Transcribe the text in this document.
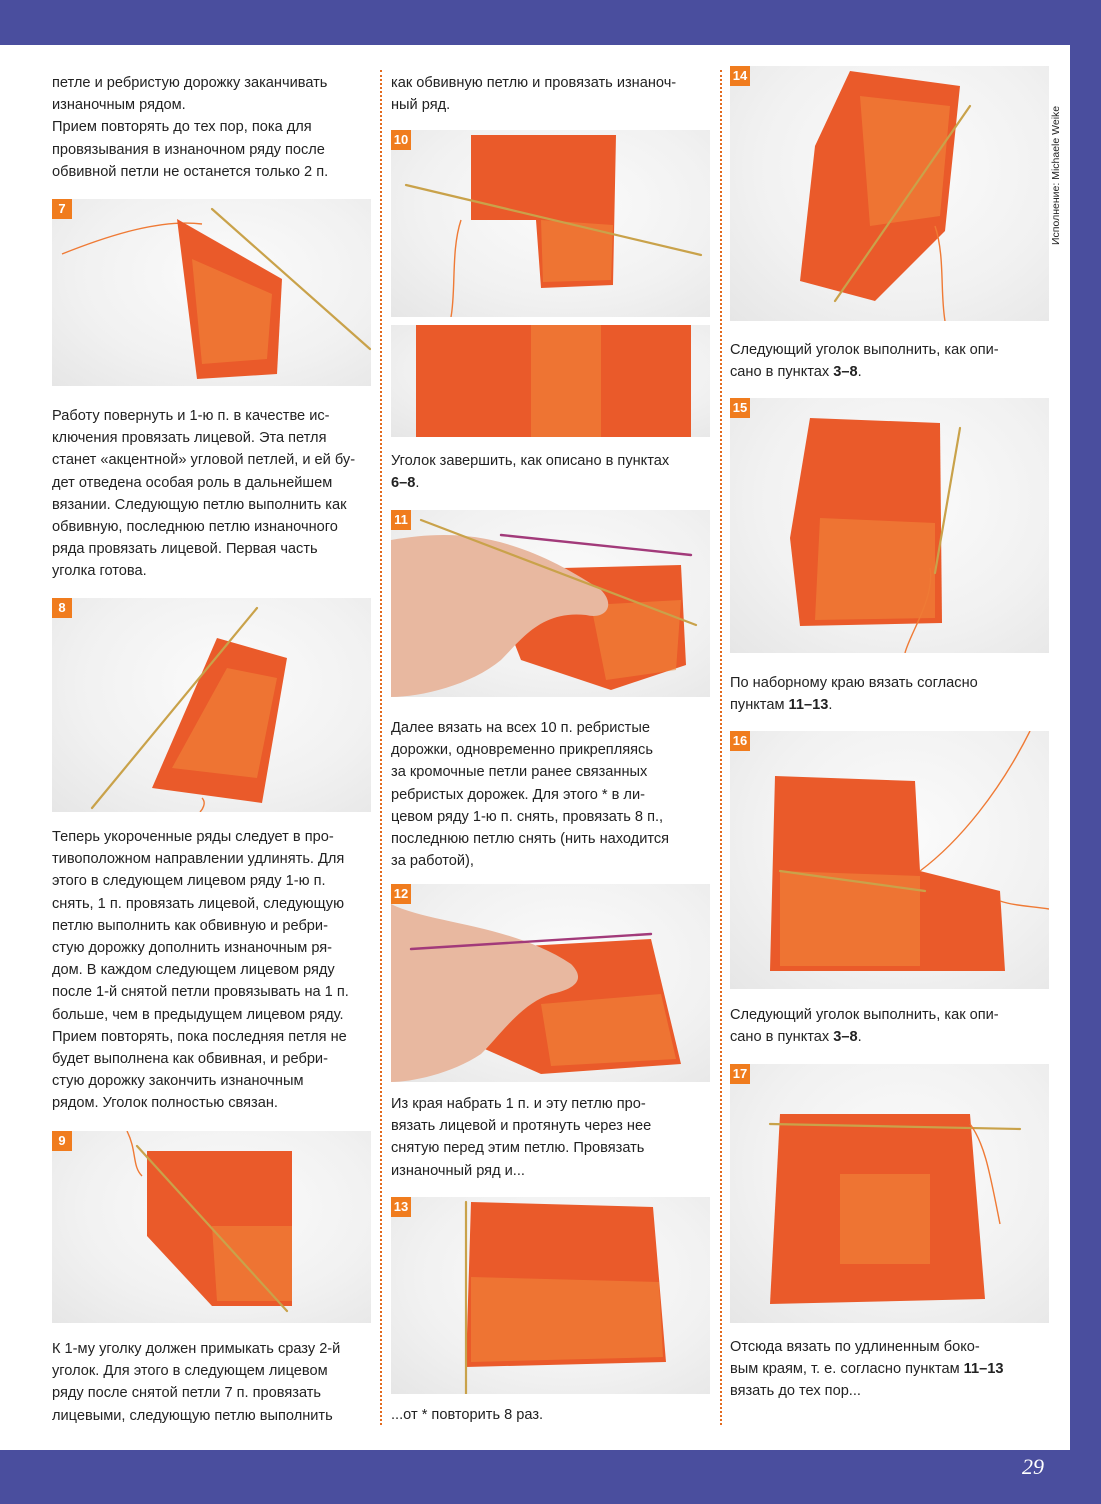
Исполнение: Michaele Weike

петле и ребристую дорожку заканчивать
изнаночным рядом.
Прием повторять до тех пор, пока для
провязывания в изнаночном ряду после
обвивной петли не останется только 2 п.

7

Работу повернуть и 1-ю п. в качестве ис-
ключения провязать лицевой. Эта петля
станет «акцентной» угловой петлей, и ей бу-
дет отведена особая роль в дальнейшем
вязании. Следующую петлю выполнить как
обвивную, последнюю петлю изнаночного
ряда провязать лицевой. Первая часть
уголка готова.

8

Теперь укороченные ряды следует в про-
тивоположном направлении удлинять. Для
этого в следующем лицевом ряду 1-ю п.
снять, 1 п. провязать лицевой, следующую
петлю выполнить как обвивную и ребри-
стую дорожку дополнить изнаночным ря-
дом. В каждом следующем лицевом ряду
после 1-й снятой петли провязывать на 1 п.
больше, чем в предыдущем лицевом ряду.
Прием повторять, пока последняя петля не
будет выполнена как обвивная, и ребри-
стую дорожку закончить изнаночным
рядом. Уголок полностью связан.

9

К 1-му уголку должен примыкать сразу 2-й
уголок. Для этого в следующем лицевом
ряду после снятой петли 7 п. провязать
лицевыми, следующую петлю выполнить

как обвивную петлю и провязать изнаноч-
ный ряд.

10

Уголок завершить, как описано в пунктах
6–8.

11

Далее вязать на всех 10 п. ребристые
дорожки, одновременно прикрепляясь
за кромочные петли ранее связанных
ребристых дорожек. Для этого * в ли-
цевом ряду 1-ю п. снять, провязать 8 п.,
последнюю петлю снять (нить находится
за работой),

12

Из края набрать 1 п. и эту петлю про-
вязать лицевой и протянуть через нее
снятую перед этим петлю. Провязать
изнаночный ряд и...

13

...от * повторить 8 раз.

14

Следующий уголок выполнить, как опи-
сано в пунктах 3–8.

15

По наборному краю вязать согласно
пунктам 11–13.

16

Следующий уголок выполнить, как опи-
сано в пунктах 3–8.

17

Отсюда вязать по удлиненным боко-
вым краям, т. е. согласно пунктам 11–13
вязать до тех пор...

29
